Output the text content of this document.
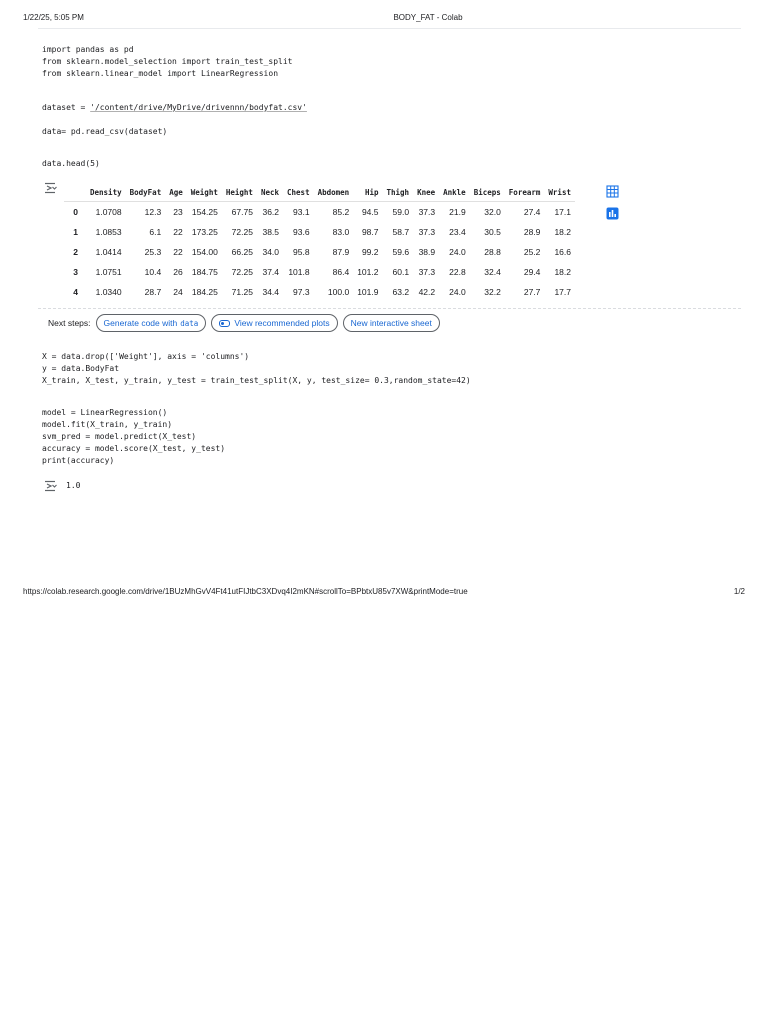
1/22/25, 5:05 PM	BODY_FAT - Colab
import pandas as pd
from sklearn.model_selection import train_test_split
from sklearn.linear_model import LinearRegression
dataset = '/content/drive/MyDrive/drivennn/bodyfat.csv'
data= pd.read_csv(dataset)
data.head(5)
	Density	BodyFat	Age	Weight	Height	Neck	Chest	Abdomen	Hip	Thigh	Knee	Ankle	Biceps	Forearm	Wrist
0	1.0708	12.3	23	154.25	67.75	36.2	93.1	85.2	94.5	59.0	37.3	21.9	32.0	27.4	17.1
1	1.0853	6.1	22	173.25	72.25	38.5	93.6	83.0	98.7	58.7	37.3	23.4	30.5	28.9	18.2
2	1.0414	25.3	22	154.00	66.25	34.0	95.8	87.9	99.2	59.6	38.9	24.0	28.8	25.2	16.6
3	1.0751	10.4	26	184.75	72.25	37.4	101.8	86.4	101.2	60.1	37.3	22.8	32.4	29.4	18.2
4	1.0340	28.7	24	184.25	71.25	34.4	97.3	100.0	101.9	63.2	42.2	24.0	32.2	27.7	17.7
Next steps: Generate code with data	View recommended plots New interactive sheet
X = data.drop(['Weight'], axis = 'columns')
y = data.BodyFat
X_train, X_test, y_train, y_test = train_test_split(X, y, test_size= 0.3,random_state=42)
model = LinearRegression()
model.fit(X_train, y_train)
svm_pred = model.predict(X_test)
accuracy = model.score(X_test, y_test)
print(accuracy)
1.0
https://colab.research.google.com/drive/1BUzMhGvV4Ft41utFIJtbC3XDvq4I2mKN#scrollTo=BPbtxU85v7XW&printMode=true	1/2
